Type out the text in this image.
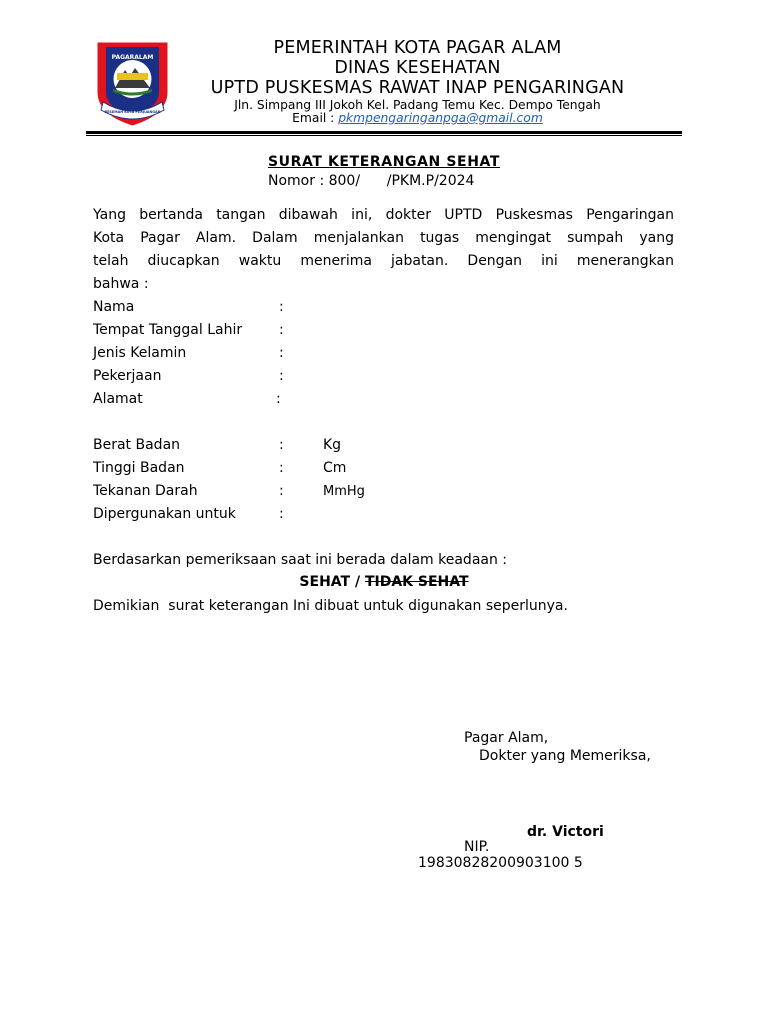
BESEMAH KOTA PERJUANGAN
PAGARALAM	PEMERINTAH KOTA PAGAR ALAM
DINAS KESEHATAN
UPTD PUSKESMAS RAWAT INAP PENGARINGAN
Jln. Simpang III Jokoh Kel. Padang Temu Kec. Dempo Tengah
Email : pkmpengaringanpga@gmail.com
SURAT KETERANGAN SEHAT
Nomor : 800/      /PKM.P/2024
Yang bertanda tangan dibawah ini, dokter UPTD Puskesmas Pengaringan
Kota Pagar Alam. Dalam menjalankan tugas mengingat sumpah yang
telah diucapkan waktu menerima jabatan. Dengan ini menerangkan
bahwa :
Nama	:
Tempat Tanggal Lahir	:
Jenis Kelamin	:
Pekerjaan	:
Alamat	:
Berat Badan	:	Kg
Tinggi Badan	:	Cm
Tekanan Darah	:	MmHg
Dipergunakan untuk	:
Berdasarkan pemeriksaan saat ini berada dalam keadaan :
SEHAT / TIDAK SEHAT
Demikian  surat keterangan Ini dibuat untuk digunakan seperlunya.
Pagar Alam,
Dokter yang Memeriksa,
dr. Victori
NIP.
19830828200903100 5
